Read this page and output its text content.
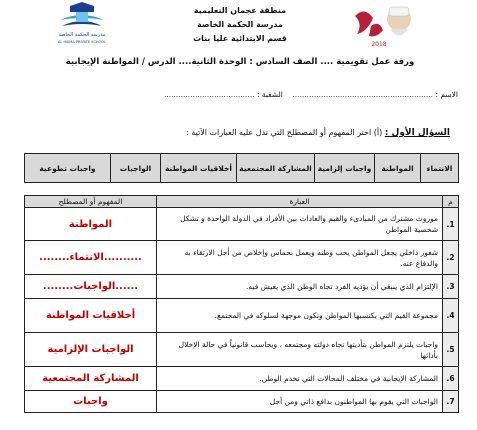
منطقة عجمان التعليمية
مدرسة الحكمة الخاصة
قسم الابتدائية عليا بنات
مدرسة الحكمة الخاصة
AL HIKMA PRIVATE SCHOOL	2018
ورقة عمل تقويمية .... الصف السادس : الوحدة الثانية.... الدرس / المواطنة الإيجابية
الاسم : ...........................................................    الشعبة : ......................................
السؤال الأول : (أ) اختر المفهوم أو المصطلح التي تدل عليه العبارات الآتية :
الانتماء	المواطنة	واجبات إلزامية	المشاركة المجتمعية	أخلاقيات المواطنة	الواجبات	واجبات تطوعية
م	العبارة	المفهوم أو المصطلح
1.	موروث مشترك من المبادىء والقيم والعادات بين الأفراد في الدولة الواحدة و تشكل شخصية المواطن	المواطنة
2.	شعور داخلي يجعل المواطن يحب وطنه ويعمل بحماس وإخلاص من أجل الارتقاء به والدفاع عنه.	..........الانتماء........
3.	الإلتزام الذي ينبغي أن يؤديه الفرد تجاه الوطن الذي يعيش فيه.	......الواجبات........
4.	مجموعة القيم التي يكتسبها المواطن وتكون موجهة لسلوكه في المجتمع.	أخلاقيات المواطنة
5.	واجبات يلتزم المواطن بتأديتها تجاه دولته ومجتمعه ، ويحاسب قانونياً في حالة الإخلال بأدائها	الواجبات الإلزامية
6.	المشاركة الإيجابية في مختلف المجالات التي تخدم الوطن.	المشاركة المجتمعية
7.	الواجبات التي يقوم بها المواطنون بدافع ذاتي ومن أجل	واجبات
